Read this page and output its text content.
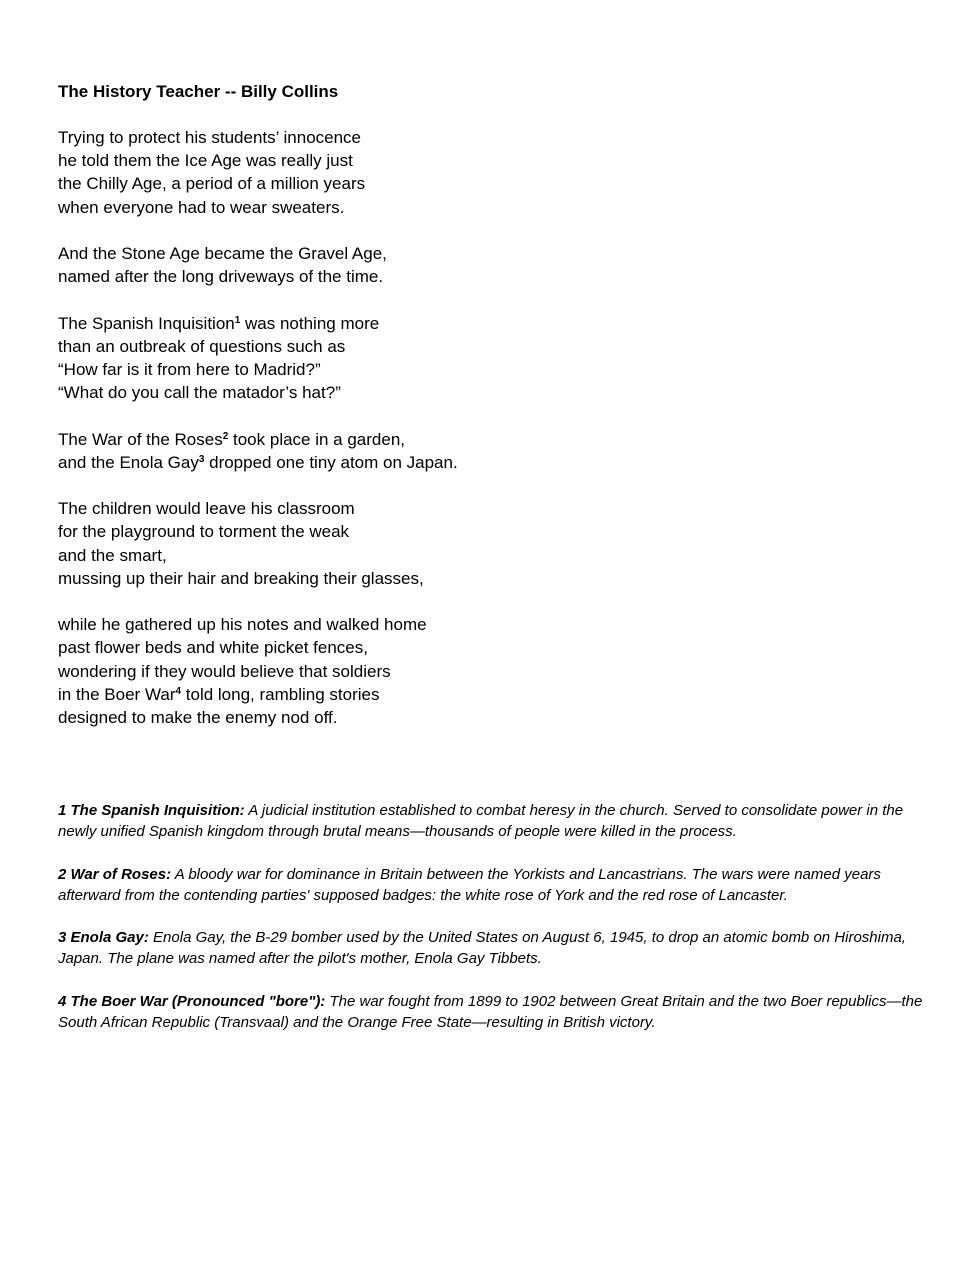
The History Teacher -- Billy Collins
Trying to protect his students’ innocence
he told them the Ice Age was really just
the Chilly Age, a period of a million years
when everyone had to wear sweaters.
And the Stone Age became the Gravel Age,
named after the long driveways of the time.
The Spanish Inquisition$^1$ was nothing more
than an outbreak of questions such as
“How far is it from here to Madrid?”
“What do you call the matador’s hat?”
The War of the Roses$^2$ took place in a garden,
and the Enola Gay$^3$ dropped one tiny atom on Japan.
The children would leave his classroom
for the playground to torment the weak
and the smart,
mussing up their hair and breaking their glasses,
while he gathered up his notes and walked home
past flower beds and white picket fences,
wondering if they would believe that soldiers
in the Boer War$^4$ told long, rambling stories
designed to make the enemy nod off.

1 The Spanish Inquisition: A judicial institution established to combat heresy in the church. Served to consolidate power in the newly unified Spanish kingdom through brutal means—thousands of people were killed in the process.

2 War of Roses: A bloody war for dominance in Britain between the Yorkists and Lancastrians. The wars were named years afterward from the contending parties' supposed badges: the white rose of York and the red rose of Lancaster.

3 Enola Gay: Enola Gay, the B-29 bomber used by the United States on August 6, 1945, to drop an atomic bomb on Hiroshima, Japan. The plane was named after the pilot's mother, Enola Gay Tibbets.

4 The Boer War (Pronounced "bore"): The war fought from 1899 to 1902 between Great Britain and the two Boer republics—the South African Republic (Transvaal) and the Orange Free State—resulting in British victory.
